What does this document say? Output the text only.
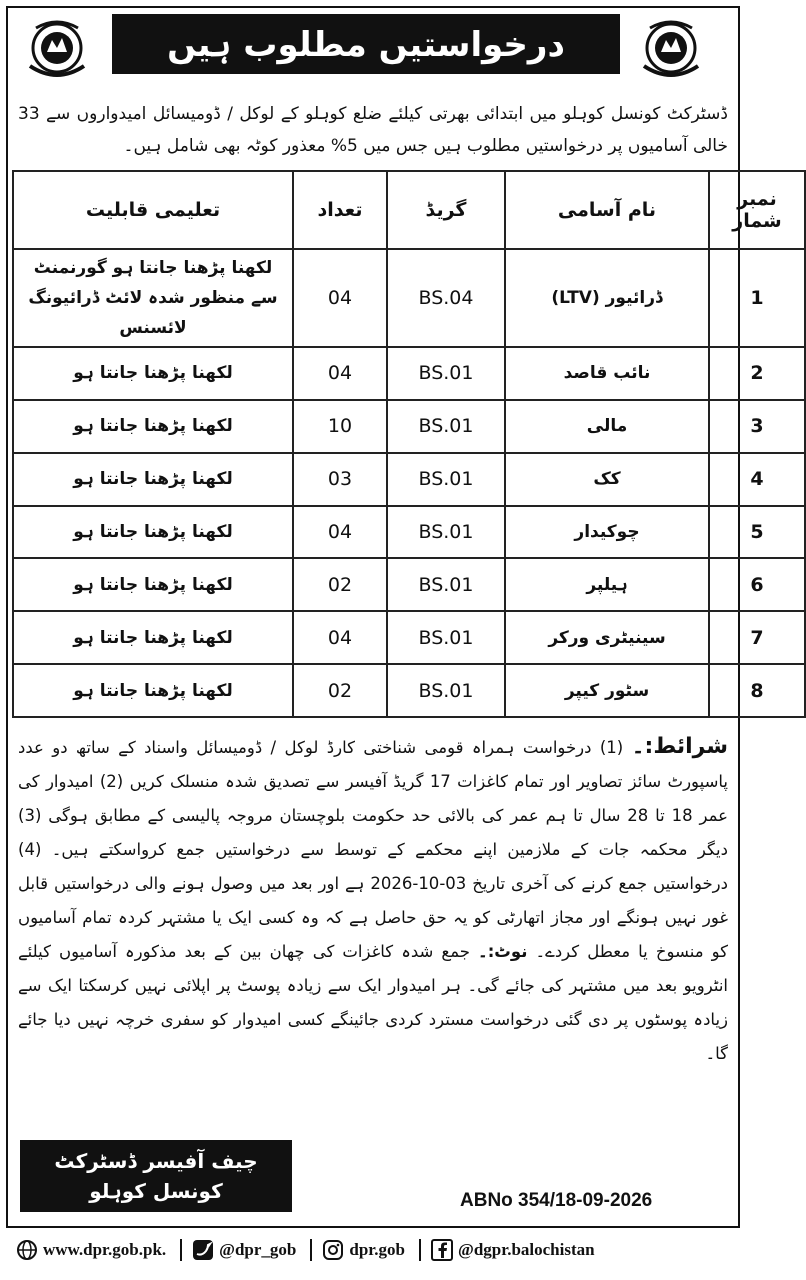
درخواستیں مطلوب ہیں
ڈسٹرکٹ کونسل کوہلو میں ابتدائی بھرتی کیلئے ضلع کوہلو کے لوکل / ڈومیسائل امیدواروں سے 33 خالی آسامیوں پر درخواستیں مطلوب ہیں جس میں 5% معذور کوٹہ بھی شامل ہیں۔
تعلیمی قابلیت	تعداد	گریڈ	نام آسامی	نمبر شمار
لکھنا پڑھنا جانتا ہو گورنمنٹ سے منظور شدہ لائٹ ڈرائیونگ لائسنس	04	BS.04	ڈرائیور (LTV)	1
لکھنا پڑھنا جانتا ہو	04	BS.01	نائب قاصد	2
لکھنا پڑھنا جانتا ہو	10	BS.01	مالی	3
لکھنا پڑھنا جانتا ہو	03	BS.01	کک	4
لکھنا پڑھنا جانتا ہو	04	BS.01	چوکیدار	5
لکھنا پڑھنا جانتا ہو	02	BS.01	ہیلپر	6
لکھنا پڑھنا جانتا ہو	04	BS.01	سینیٹری ورکر	7
لکھنا پڑھنا جانتا ہو	02	BS.01	سٹور کیپر	8
شرائط:۔ (1) درخواست ہمراہ قومی شناختی کارڈ لوکل / ڈومیسائل واسناد کے ساتھ دو عدد پاسپورٹ سائز تصاویر اور تمام کاغزات 17 گریڈ آفیسر سے تصدیق شدہ منسلک کریں (2) امیدوار کی عمر 18 تا 28 سال تا ہم عمر کی بالائی حد حکومت بلوچستان مروجہ پالیسی کے مطابق ہوگی (3) دیگر محکمہ جات کے ملازمین اپنے محکمے کے توسط سے درخواستیں جمع کرواسکتے ہیں۔ (4) درخواستیں جمع کرنے کی آخری تاریخ 03-10-2026 ہے اور بعد میں وصول ہونے والی درخواستیں قابل غور نہیں ہونگے اور مجاز اتھارٹی کو یہ حق حاصل ہے کہ وہ کسی ایک یا مشتہر کردہ تمام آسامیوں کو منسوخ یا معطل کردے۔ نوٹ:۔ جمع شدہ کاغزات کی چھان بین کے بعد مذکورہ آسامیوں کیلئے انٹرویو بعد میں مشتہر کی جائے گی۔ ہر امیدوار ایک سے زیادہ پوسٹ پر اپلائی نہیں کرسکتا ایک سے زیادہ پوسٹوں پر دی گئی درخواست مسترد کردی جائینگے کسی امیدوار کو سفری خرچہ نہیں دیا جائے گا۔
چیف آفیسر ڈسٹرکٹ
کونسل کوہلو	ABNo 354/18-09-2026
www.dpr.gob.pk.	@dpr_gob	dpr.gob	@dgpr.balochistan
